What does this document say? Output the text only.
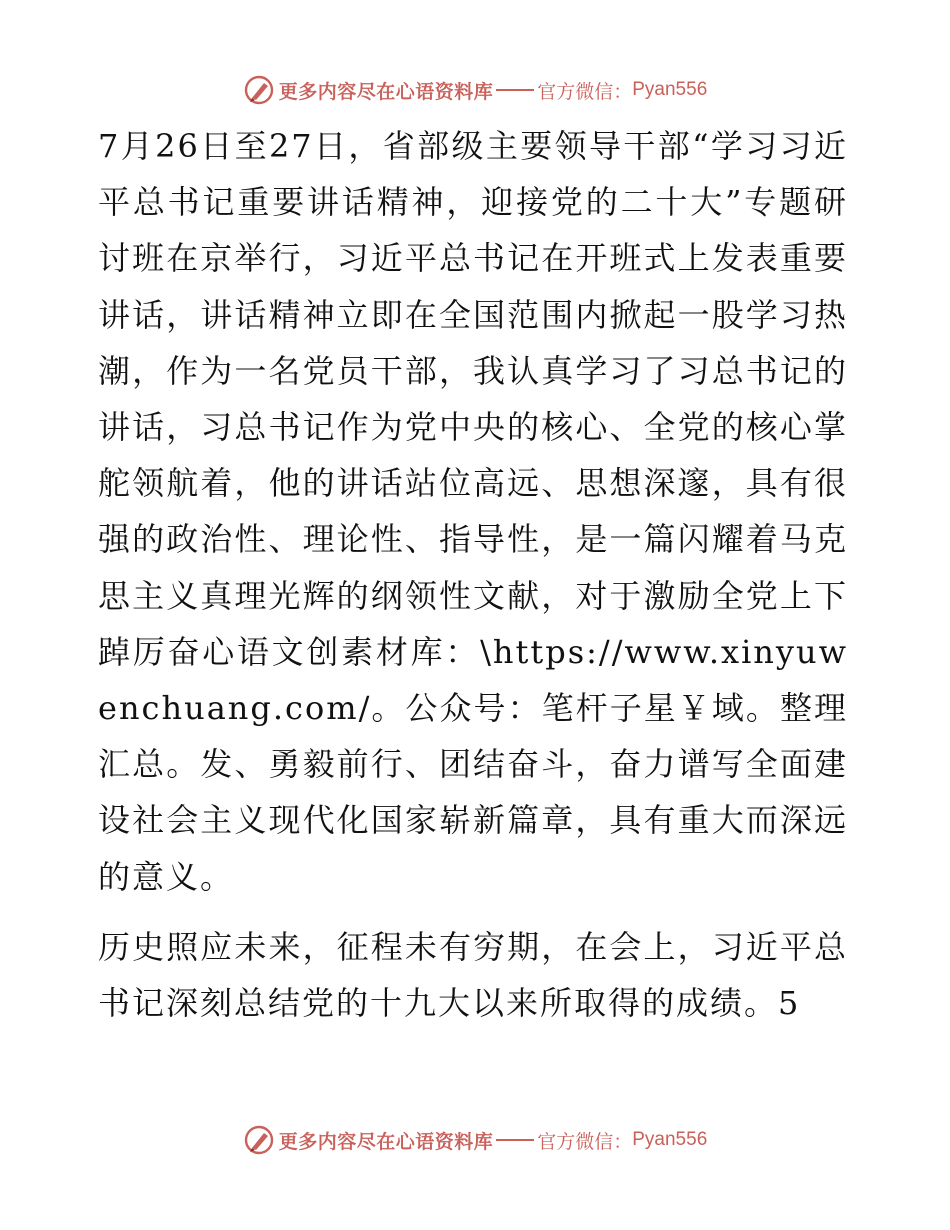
更多内容尽在心语资料库 官方微信： Pyan556

7月26日至27日，省部级主要领导干部“学习习近平总书记重要讲话精神，迎接党的二十大”专题研讨班在京举行，习近平总书记在开班式上发表重要讲话，讲话精神立即在全国范围内掀起一股学习热潮，作为一名党员干部，我认真学习了习总书记的讲话，习总书记作为党中央的核心、全党的核心掌舵领航着，他的讲话站位高远、思想深邃，具有很强的政治性、理论性、指导性，是一篇闪耀着马克思主义真理光辉的纲领性文献，对于激励全党上下踔厉奋心语文创素材库：\https://www.xinyuwenchuang.com/。公众号：笔杆子星￥域。整理汇总。发、勇毅前行、团结奋斗，奋力谱写全面建设社会主义现代化国家崭新篇章，具有重大而深远的意义。

历史照应未来，征程未有穷期，在会上，习近平总书记深刻总结党的十九大以来所取得的成绩。5

更多内容尽在心语资料库 官方微信： Pyan556
